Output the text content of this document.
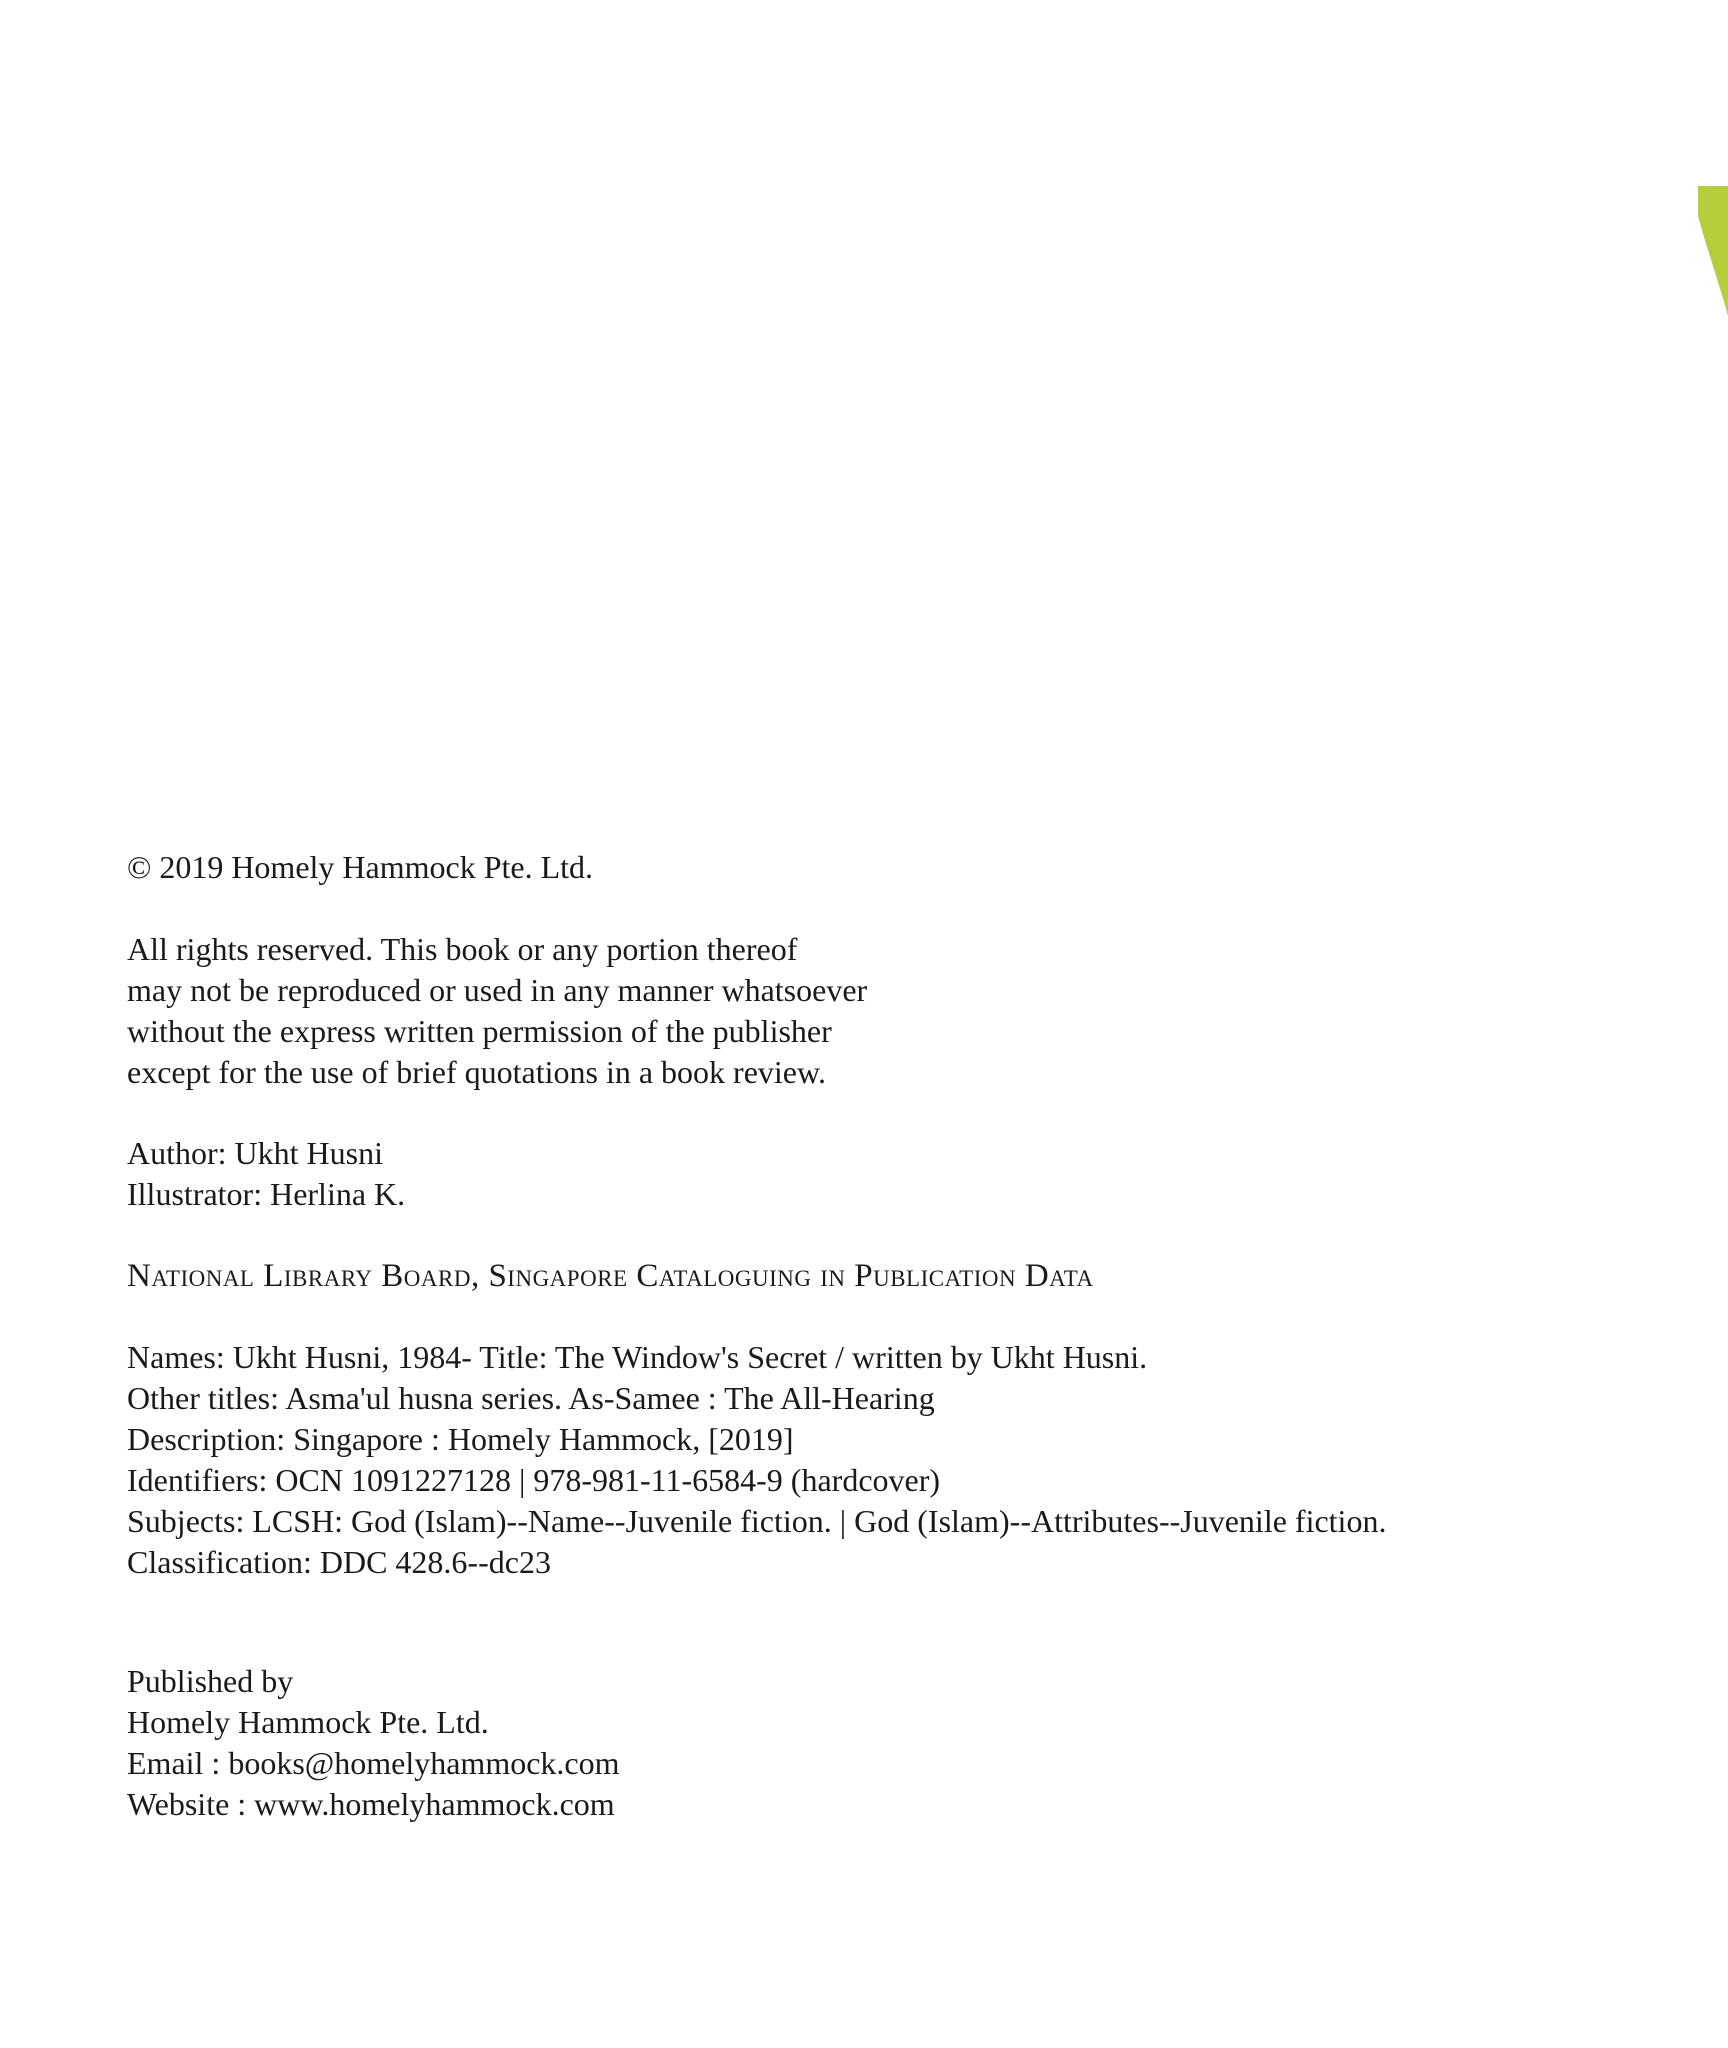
© 2019 Homely Hammock Pte. Ltd.
All rights reserved. This book or any portion thereof
may not be reproduced or used in any manner whatsoever
without the express written permission of the publisher
except for the use of brief quotations in a book review.
Author: Ukht Husni
Illustrator: Herlina K.
National Library Board, Singapore Cataloguing in Publication Data
Names: Ukht Husni, 1984- Title: The Window's Secret / written by Ukht Husni.
Other titles: Asma'ul husna series. As-Samee : The All-Hearing
Description: Singapore : Homely Hammock, [2019]
Identifiers: OCN 1091227128 | 978-981-11-6584-9 (hardcover)
Subjects: LCSH: God (Islam)--Name--Juvenile fiction. | God (Islam)--Attributes--Juvenile fiction.
Classification: DDC 428.6--dc23
Published by
Homely Hammock Pte. Ltd.
Email : books@homelyhammock.com
Website : www.homelyhammock.com
